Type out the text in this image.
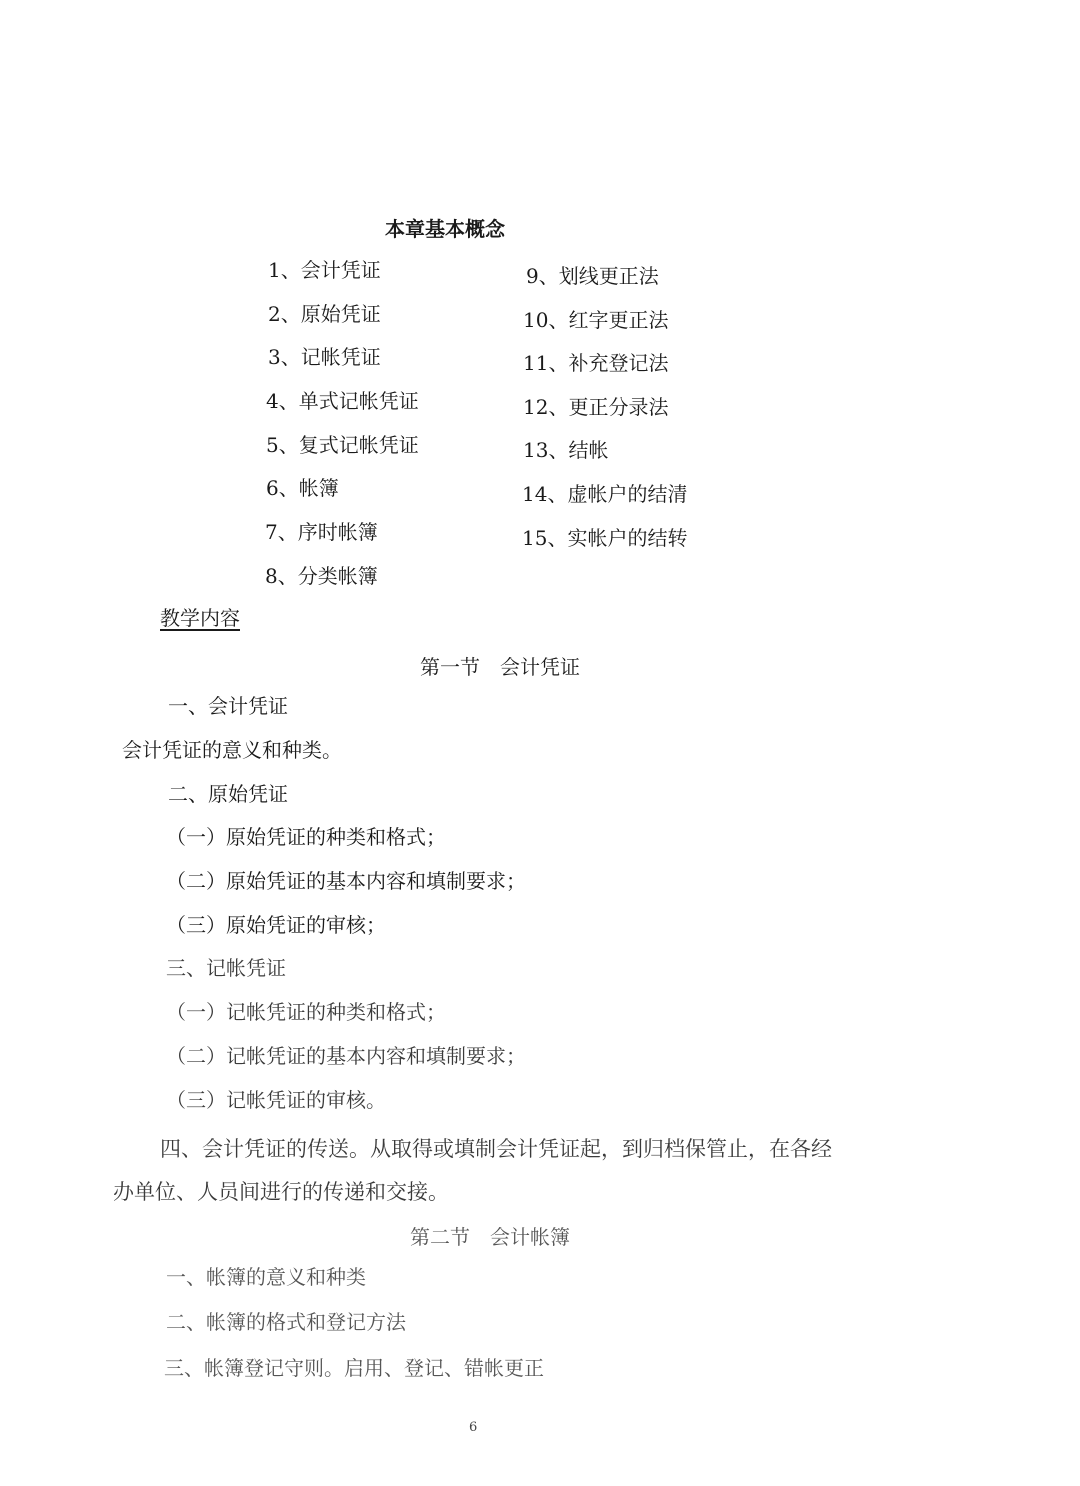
本章基本概念
1、会计凭证
2、原始凭证
3、记帐凭证
4、单式记帐凭证
5、复式记帐凭证
6、帐簿
7、序时帐簿
8、分类帐簿
9、划线更正法
10、红字更正法
11、补充登记法
12、更正分录法
13、结帐
14、虚帐户的结清
15、实帐户的结转
教学内容
第一节　会计凭证
一、会计凭证
会计凭证的意义和种类。
二、原始凭证
（一）原始凭证的种类和格式；
（二）原始凭证的基本内容和填制要求；
（三）原始凭证的审核；
三、记帐凭证
（一）记帐凭证的种类和格式；
（二）记帐凭证的基本内容和填制要求；
（三）记帐凭证的审核。
四、会计凭证的传送。从取得或填制会计凭证起，到归档保管止，在各经
办单位、人员间进行的传递和交接。
第二节　会计帐簿
一、帐簿的意义和种类
二、帐簿的格式和登记方法
三、帐簿登记守则。启用、登记、错帐更正
6
